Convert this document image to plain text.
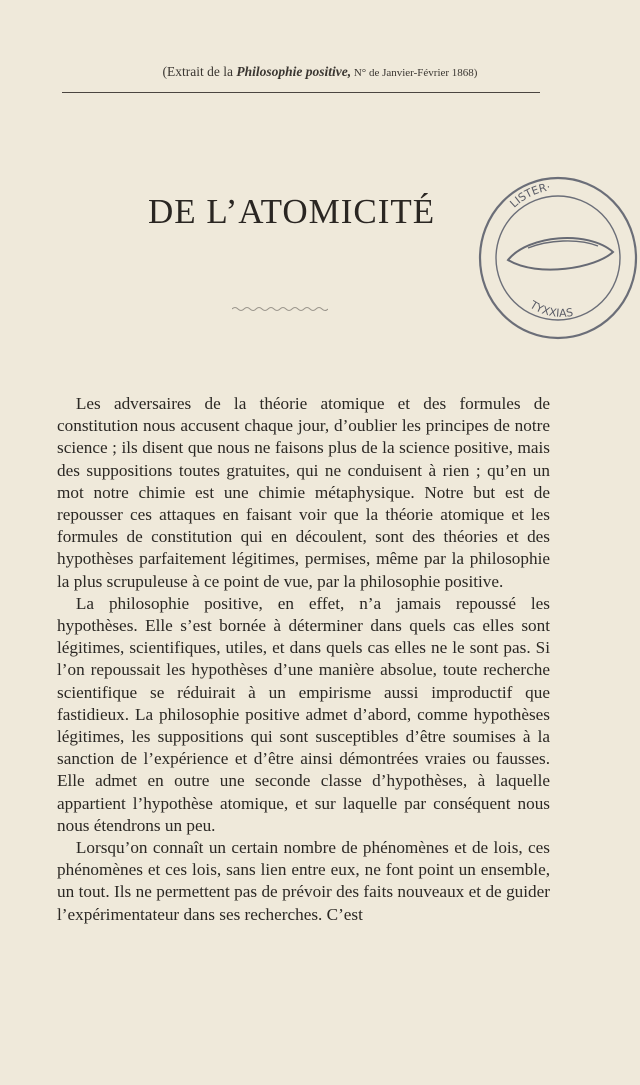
(Extrait de la Philosophie positive, N° de Janvier-Février 1868)
DE L’ATOMICITÉ	LISTER·
TYXXIAS

Les adversaires de la théorie atomique et des formules de constitution nous accusent chaque jour, d’oublier les principes de notre science ; ils disent que nous ne faisons plus de la science positive, mais des suppositions toutes gratuites, qui ne conduisent à rien ; qu’en un mot notre chimie est une chimie métaphysique. Notre but est de repousser ces attaques en faisant voir que la théorie atomique et les formules de constitution qui en découlent, sont des théories et des hypothèses parfaitement légitimes, permises, même par la philosophie la plus scrupuleuse à ce point de vue, par la philosophie positive.

La philosophie positive, en effet, n’a jamais repoussé les hypothèses. Elle s’est bornée à déterminer dans quels cas elles sont légitimes, scientifiques, utiles, et dans quels cas elles ne le sont pas. Si l’on repoussait les hypothèses d’une manière absolue, toute recherche scientifique se réduirait à un empirisme aussi improductif que fastidieux. La philosophie positive admet d’abord, comme hypothèses légitimes, les suppositions qui sont susceptibles d’être soumises à la sanction de l’expérience et d’être ainsi démontrées vraies ou fausses. Elle admet en outre une seconde classe d’hypothèses, à laquelle appartient l’hypothèse atomique, et sur laquelle par conséquent nous nous étendrons un peu.

Lorsqu’on connaît un certain nombre de phénomènes et de lois, ces phénomènes et ces lois, sans lien entre eux, ne font point un ensemble, un tout. Ils ne permettent pas de prévoir des faits nouveaux et de guider l’expérimentateur dans ses recherches. C’est
